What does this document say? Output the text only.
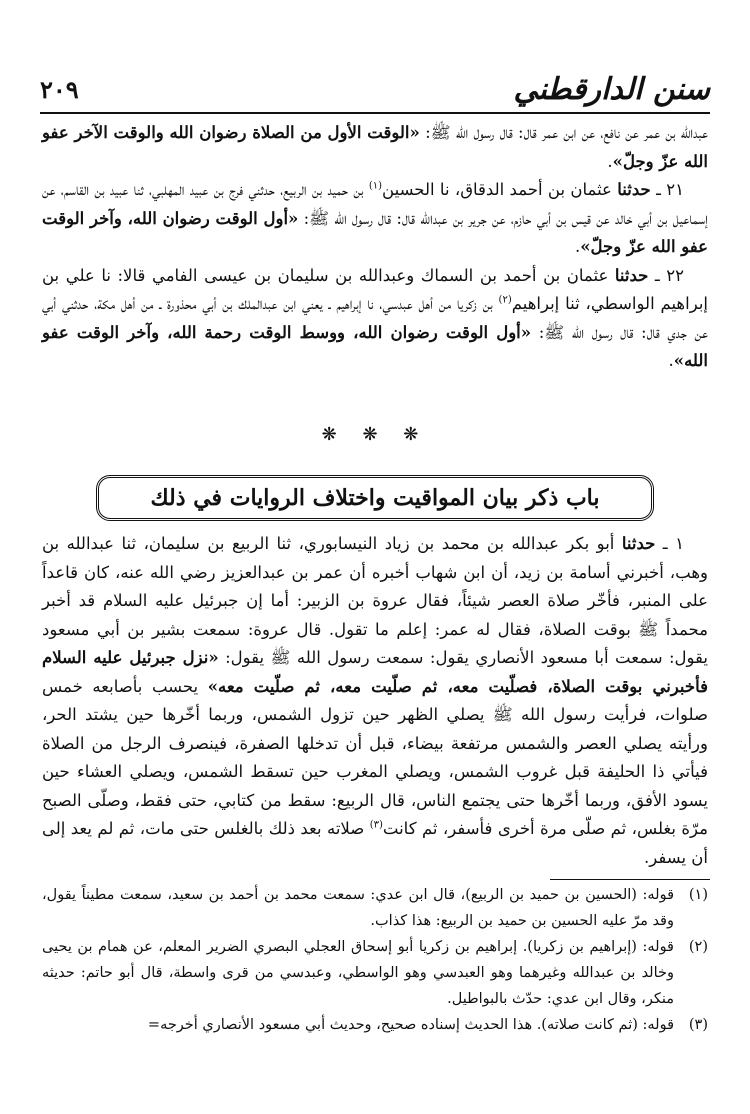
سنن الدارقطني
٢٠٩

عبدالله بن عمر عن نافع، عن ابن عمر قال: قال رسول الله ﷺ: «الوقت الأول من الصلاة رضوان الله والوقت الآخر عفو الله عزّ وجلّ».

٢١ ـ حدثنا عثمان بن أحمد الدقاق، نا الحسين$^{(١)}$ بن حميد بن الربيع، حدثني فرج بن عبيد المهلبي، ثنا عبيد بن القاسم، عن إسماعيل بن أبي خالد عن قيس بن أبي حازم، عن جرير بن عبدالله قال: قال رسول الله ﷺ: «أول الوقت رضوان الله، وآخر الوقت عفو الله عزّ وجلّ».

٢٢ ـ حدثنا عثمان بن أحمد بن السماك وعبدالله بن سليمان بن عيسى الفامي قالا: نا علي بن إبراهيم الواسطي، ثنا إبراهيم$^{(٢)}$ بن زكريا من أهل عبدسي، نا إبراهيم ـ يعني ابن عبدالملك بن أبي محذورة ـ من أهل مكة، حدثني أبي عن جدي قال: قال رسول الله ﷺ: «أول الوقت رضوان الله، ووسط الوقت رحمة الله، وآخر الوقت عفو الله».

❋ ❋ ❋
باب ذكر بيان المواقيت واختلاف الروايات في ذلك

١ ـ حدثنا أبو بكر عبدالله بن محمد بن زياد النيسابوري، ثنا الربيع بن سليمان، ثنا عبدالله بن وهب، أخبرني أسامة بن زيد، أن ابن شهاب أخبره أن عمر بن عبدالعزيز رضي الله عنه، كان قاعداً على المنبر، فأخّر صلاة العصر شيئاً، فقال عروة بن الزبير: أما إن جبرئيل عليه السلام قد أخبر محمداً ﷺ بوقت الصلاة، فقال له عمر: إعلم ما تقول. قال عروة: سمعت بشير بن أبي مسعود يقول: سمعت أبا مسعود الأنصاري يقول: سمعت رسول الله ﷺ يقول: «نزل جبرئيل عليه السلام فأخبرني بوقت الصلاة، فصلّيت معه، ثم صلّيت معه، ثم صلّيت معه» يحسب بأصابعه خمس صلوات، فرأيت رسول الله ﷺ يصلي الظهر حين تزول الشمس، وربما أخّرها حين يشتد الحر، ورأيته يصلي العصر والشمس مرتفعة بيضاء، قبل أن تدخلها الصفرة، فينصرف الرجل من الصلاة فيأتي ذا الحليفة قبل غروب الشمس، ويصلي المغرب حين تسقط الشمس، ويصلي العشاء حين يسود الأفق، وربما أخّرها حتى يجتمع الناس، قال الربيع: سقط من كتابي، حتى فقط، وصلّى الصبح مرّة بغلس، ثم صلّى مرة أخرى فأسفر، ثم كانت$^{(٣)}$ صلاته بعد ذلك بالغلس حتى مات، ثم لم يعد إلى أن يسفر.

(١)
قوله: (الحسين بن حميد بن الربيع)، قال ابن عدي: سمعت محمد بن أحمد بن سعيد، سمعت مطيناً يقول، وقد مرّ عليه الحسين بن حميد بن الربيع: هذا كذاب.
(٢)
قوله: (إبراهيم بن زكريا). إبراهيم بن زكريا أبو إسحاق العجلي البصري الضرير المعلم، عن همام بن يحيى وخالد بن عبدالله وغيرهما وهو العبدسي وهو الواسطي، وعبدسي من قرى واسطة، قال أبو حاتم: حديثه منكر، وقال ابن عدي: حدّث بالبواطيل.
(٣)
قوله: (ثم كانت صلاته). هذا الحديث إسناده صحيح، وحديث أبي مسعود الأنصاري أخرجه=
